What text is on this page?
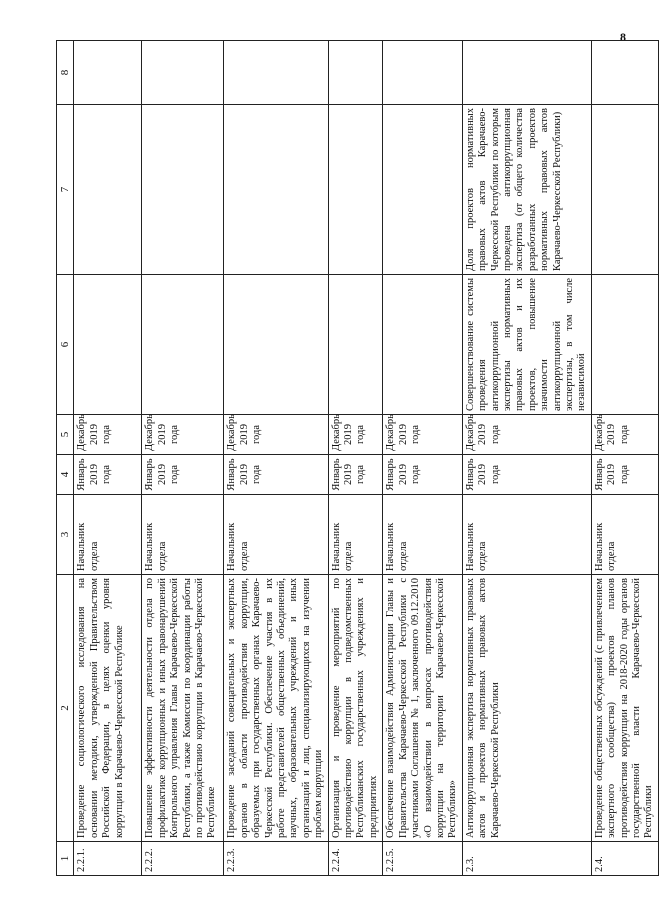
8
1	2	3	4	5	6	7	8
2.2.1.	Проведение социологического исследования на основании методики, утвержденной Правительством Российской Федерации, в целях оценки уровня коррупции в Карачаево-Черкесской Республике	Начальник отдела	Январь 2019 года	Декабрь 2019 года			
2.2.2.	Повышение эффективности деятельности отдела по профилактике коррупционных и иных правонарушений Контрольного управления Главы Карачаево-Черкесской Республики, а также Комиссии по координации работы по противодействию коррупции в Карачаево-Черкесской Республике	Начальник отдела	Январь 2019 года	Декабрь 2019 года			
2.2.3.	Проведение заседаний совещательных и экспертных органов в области противодействия коррупции, образуемых при государственных органах Карачаево-Черкесской Республики. Обеспечение участия в их работе представителей общественных объединений, научных, образовательных учреждений и иных организаций и лиц, специализирующихся на изучении проблем коррупции	Начальник отдела	Январь 2019 года	Декабрь 2019 года			
2.2.4.	Организация и проведение мероприятий по противодействию коррупции в подведомственных Республиканских государственных учреждениях и предприятиях	Начальник отдела	Январь 2019 года	Декабрь 2019 года			
2.2.5.	Обеспечение взаимодействия Администрации Главы и Правительства Карачаево-Черкесской Республики с участниками Соглашения № 1, заключенного 09.12.2010 «О взаимодействии в вопросах противодействия коррупции на территории Карачаево-Черкесской Республики»	Начальник отдела	Январь 2019 года	Декабрь 2019 года			
2.3.	Антикоррупционная экспертиза нормативных правовых актов и проектов нормативных правовых актов Карачаево-Черкесской Республики	Начальник отдела	Январь 2019 года	Декабрь 2019 года	Совершенствование системы проведения антикоррупционной экспертизы нормативных правовых актов и их проектов, повышение значимости антикоррупционной экспертизы, в том числе независимой	Доля проектов нормативных правовых актов Карачаево-Черкесской Республики по которым проведена антикоррупционная экспертиза (от общего количества разработанных проектов нормативных правовых актов Карачаево-Черкесской Республики)	
2.4.	Проведение общественных обсуждений (с привлечением экспертного сообщества) проектов планов противодействия коррупции на 2018-2020 годы органов государственной власти Карачаево-Черкесской Республики	Начальник отдела	Январь 2019 года	Декабрь 2019 года			
